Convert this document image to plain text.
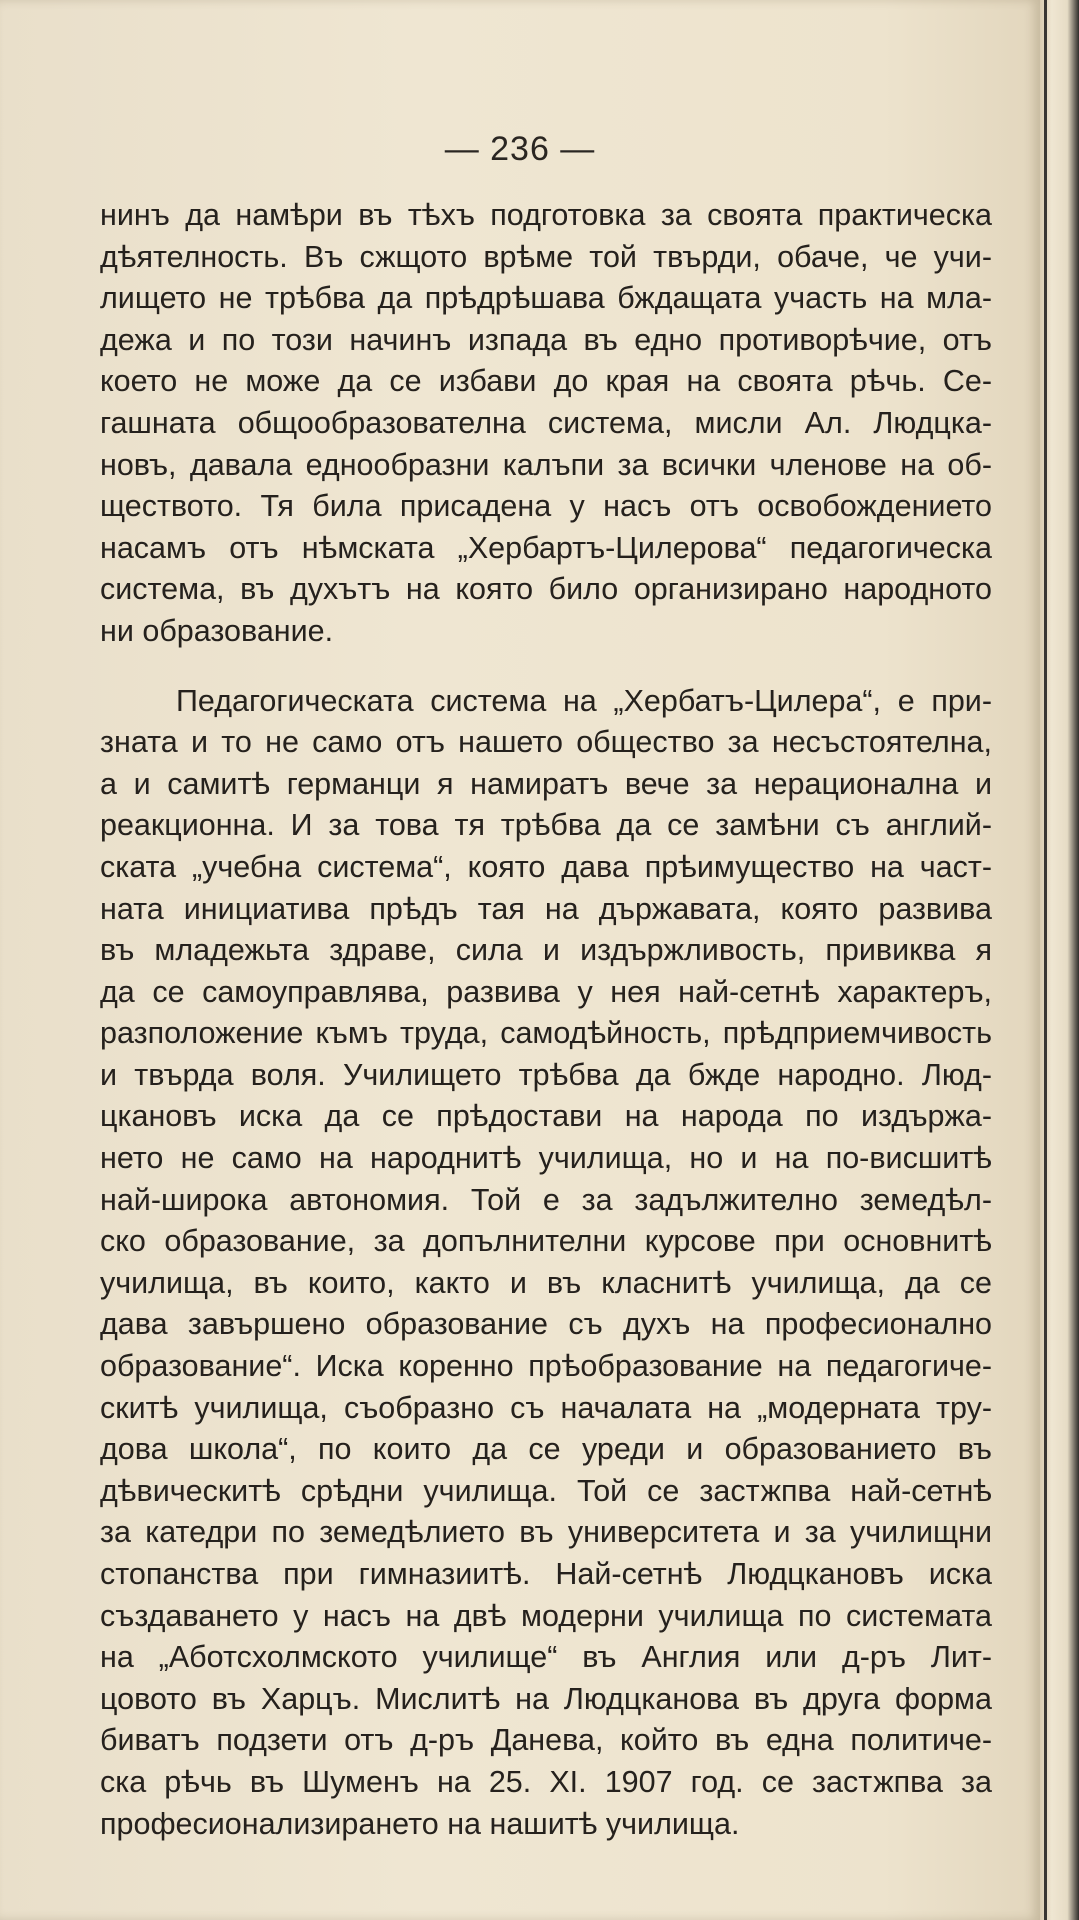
— 236 —
нинъ да намѣри въ тѣхъ подготовка за своята практическа
дѣятелность. Въ сжщото врѣме той твърди, обаче, че учи-
лището не трѣбва да прѣдрѣшава бждащата участь на мла-
дежа и по този начинъ изпада въ едно противорѣчие, отъ
което не може да се избави до края на своята рѣчь. Се-
гашната общообразователна система, мисли Ал. Людцка-
новъ, давала еднообразни калъпи за всички членове на об-
ществото. Тя била присадена у насъ отъ освобождението
насамъ отъ нѣмската „Хербартъ-Цилерова“ педагогическа
система, въ духътъ на която било организирано народното
ни образование.
Педагогическата система на „Хербатъ-Цилера“, е при-
зната и то не само отъ нашето общество за несъстоятелна,
а и самитѣ германци я намиратъ вече за нерационална и
реакционна. И за това тя трѣбва да се замѣни съ англий-
ската „учебна система“, която дава прѣимущество на част-
ната инициатива прѣдъ тая на държавата, която развива
въ младежьта здраве, сила и издържливость, привиква я
да се самоуправлява, развива у нея най-сетнѣ характеръ,
разположение къмъ труда, самодѣйность, прѣдприемчивость
и твърда воля. Училището трѣбва да бжде народно. Люд-
цкановъ иска да се прѣдостави на народа по издържа-
нето не само на народнитѣ училища, но и на по-висшитѣ
най-широка автономия. Той е за задължително земедѣл-
ско образование, за допълнителни курсове при основнитѣ
училища, въ които, както и въ класнитѣ училища, да се
дава завършено образование съ духъ на професионално
образование“. Иска коренно прѣобразование на педагогиче-
скитѣ училища, съобразно съ началата на „модерната тру-
дова школа“, по които да се уреди и образованието въ
дѣвическитѣ срѣдни училища. Той се застжпва най-сетнѣ
за катедри по земедѣлието въ университета и за училищни
стопанства при гимназиитѣ. Най-сетнѣ Людцкановъ иска
създаването у насъ на двѣ модерни училища по системата
на „Аботсхолмското училище“ въ Англия или д-ръ Лит-
цовото въ Харцъ. Мислитѣ на Людцканова въ друга форма
биватъ подзети отъ д-ръ Данева, който въ една политиче-
ска рѣчь въ Шуменъ на 25. XI. 1907 год. се застжпва за
професионализирането на нашитѣ училища.
